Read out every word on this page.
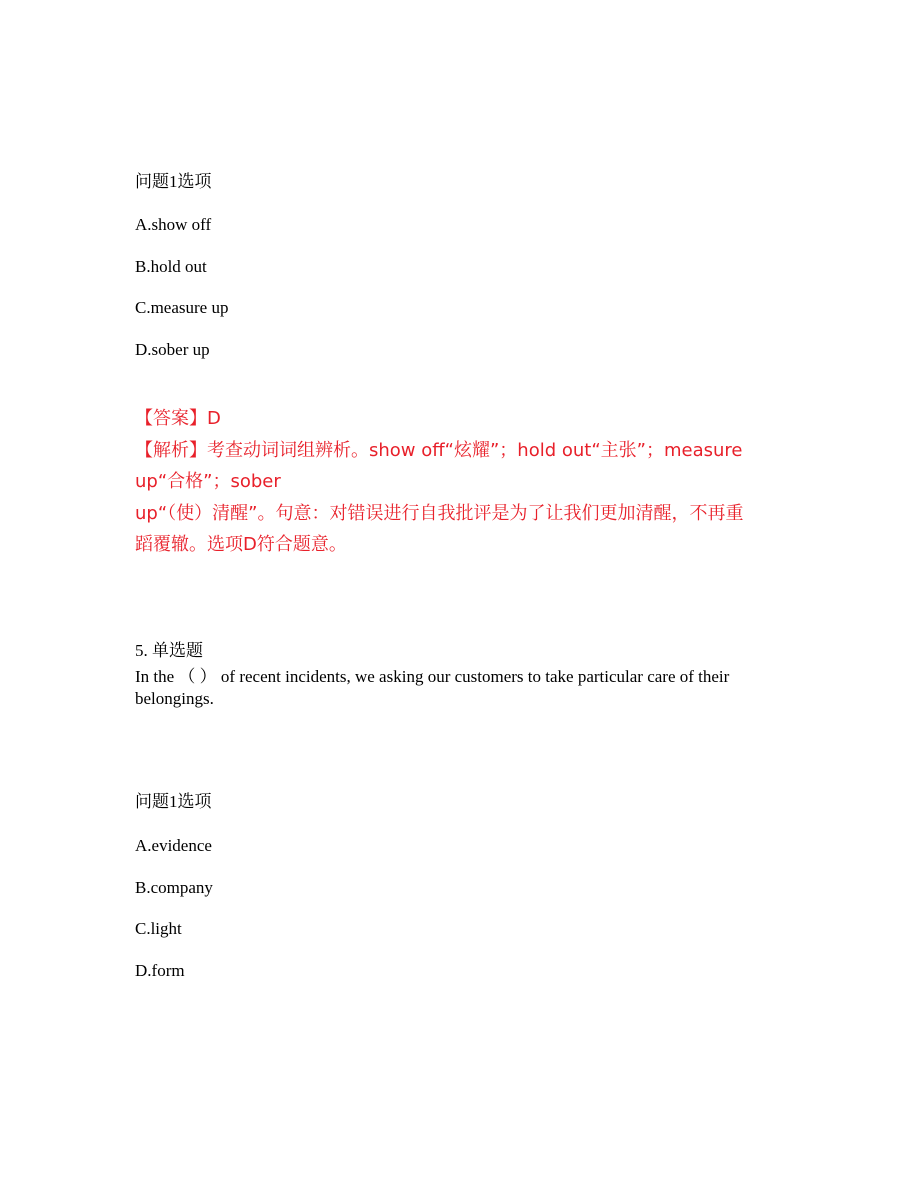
问题1选项

A.show off

B.hold out

C.measure up

D.sober up

【答案】D

【解析】考查动词词组辨析。show off“炫耀”；hold out“主张”；measure

up“合格”；sober

up“（使）清醒”。句意：对错误进行自我批评是为了让我们更加清醒，不再重

蹈覆辙。选项D符合题意。

5. 单选题

In the （ ） of recent incidents, we asking our customers to take particular care of their belongings.

问题1选项

A.evidence

B.company

C.light

D.form
